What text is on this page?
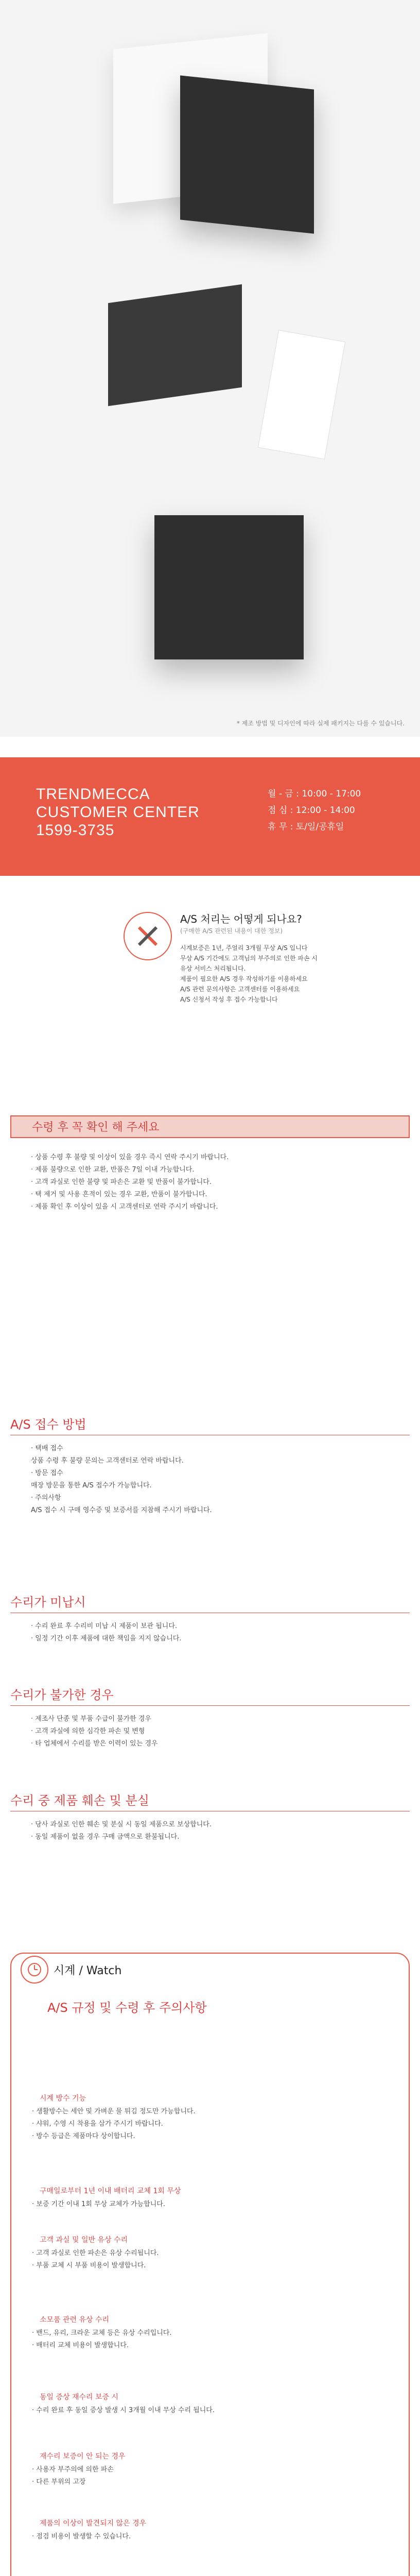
* 제조 방법 및 디자인에 따라 실제 패키지는 다를 수 있습니다.
TRENDMECCA
CUSTOMER CENTER
1599-3735
월 - 금 : 10:00 - 17:00
점 심 : 12:00 - 14:00
휴 무 : 토/일/공휴일
A/S 처리는 어떻게 되나요?
(구매한 A/S 관련된 내용이 대한 정보)
시계보증은 1년, 주얼리 3개월 무상 A/S 입니다
무상 A/S 기간에도 고객님의 부주의로 인한 파손 시
유상 서비스 처리됩니다.
제품이 필요한 A/S 경우 작성하기를 이용하세요
A/S 관련 문의사항은 고객센터를 이용하세요
A/S 신청서 작성 후 접수 가능합니다
수령 후 꼭 확인 해 주세요
· 상품 수령 후 불량 및 이상이 있을 경우 즉시 연락 주시기 바랍니다.
· 제품 불량으로 인한 교환, 반품은 7일 이내 가능합니다.
· 고객 과실로 인한 불량 및 파손은 교환 및 반품이 불가합니다.
· 택 제거 및 사용 흔적이 있는 경우 교환, 반품이 불가합니다.
· 제품 확인 후 이상이 있을 시 고객센터로 연락 주시기 바랍니다.
A/S 접수 방법
· 택배 접수
상품 수령 후 불량 문의는 고객센터로 연락 바랍니다.
· 방문 접수
매장 방문을 통한 A/S 접수가 가능합니다.
· 주의사항
A/S 접수 시 구매 영수증 및 보증서를 지참해 주시기 바랍니다.
수리가 미납시
· 수리 완료 후 수리비 미납 시 제품이 보관 됩니다.
· 일정 기간 이후 제품에 대한 책임을 지지 않습니다.
수리가 불가한 경우
· 제조사 단종 및 부품 수급이 불가한 경우
· 고객 과실에 의한 심각한 파손 및 변형
· 타 업체에서 수리를 받은 이력이 있는 경우
수리 중 제품 훼손 및 분실
· 당사 과실로 인한 훼손 및 분실 시 동일 제품으로 보상합니다.
· 동일 제품이 없을 경우 구매 금액으로 환불됩니다.
시계 / Watch
A/S 규정 및 수령 후 주의사항
시계 방수 기능
· 생활방수는 세안 및 가벼운 물 튀김 정도만 가능합니다.
· 샤워, 수영 시 착용을 삼가 주시기 바랍니다.
· 방수 등급은 제품마다 상이합니다.
구매일로부터 1년 이내 배터리 교체 1회 무상
· 보증 기간 이내 1회 무상 교체가 가능합니다.
고객 과실 및 일반 유상 수리
· 고객 과실로 인한 파손은 유상 수리됩니다.
· 부품 교체 시 부품 비용이 발생합니다.
소모품 관련 유상 수리
· 밴드, 유리, 크라운 교체 등은 유상 수리입니다.
· 배터리 교체 비용이 발생합니다.
동일 증상 재수리 보증 시
· 수리 완료 후 동일 증상 발생 시 3개월 이내 무상 수리 됩니다.
재수리 보증이 안 되는 경우
· 사용자 부주의에 의한 파손
· 다른 부위의 고장
제품의 이상이 발견되지 않은 경우
· 점검 비용이 발생할 수 있습니다.
